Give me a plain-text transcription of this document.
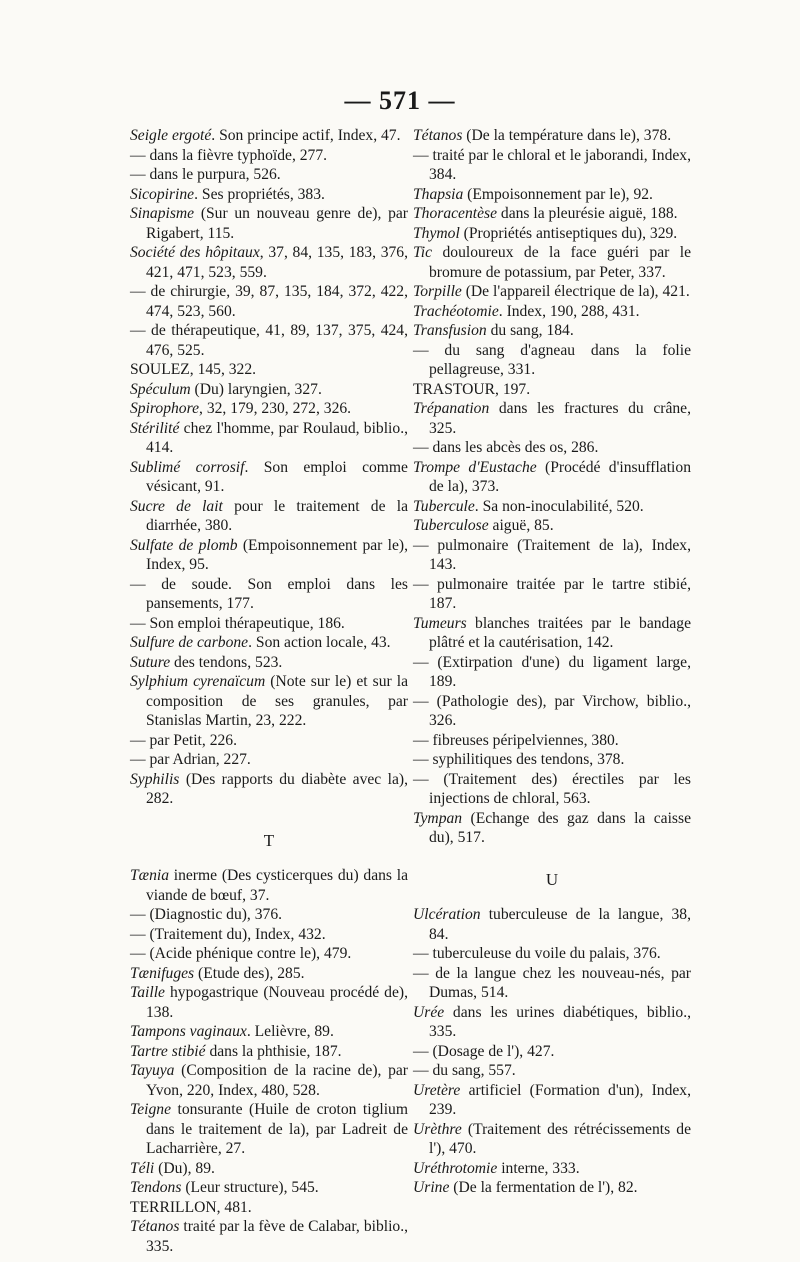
— 571 —

Seigle ergoté. Son principe actif, Index, 47.

— dans la fièvre typhoïde, 277.

— dans le purpura, 526.

Sicopirine. Ses propriétés, 383.

Sinapisme (Sur un nouveau genre de), par Rigabert, 115.

Société des hôpitaux, 37, 84, 135, 183, 376, 421, 471, 523, 559.

— de chirurgie, 39, 87, 135, 184, 372, 422, 474, 523, 560.

— de thérapeutique, 41, 89, 137, 375, 424, 476, 525.

SOULEZ, 145, 322.

Spéculum (Du) laryngien, 327.

Spirophore, 32, 179, 230, 272, 326.

Stérilité chez l'homme, par Roulaud, biblio., 414.

Sublimé corrosif. Son emploi comme vésicant, 91.

Sucre de lait pour le traitement de la diarrhée, 380.

Sulfate de plomb (Empoisonnement par le), Index, 95.

— de soude. Son emploi dans les pansements, 177.

— Son emploi thérapeutique, 186.

Sulfure de carbone. Son action locale, 43.

Suture des tendons, 523.

Sylphium cyrenaïcum (Note sur le) et sur la composition de ses granules, par Stanislas Martin, 23, 222.

— par Petit, 226.

— par Adrian, 227.

Syphilis (Des rapports du diabète avec la), 282.

T

Tænia inerme (Des cysticerques du) dans la viande de bœuf, 37.

— (Diagnostic du), 376.

— (Traitement du), Index, 432.

— (Acide phénique contre le), 479.

Tænifuges (Etude des), 285.

Taille hypogastrique (Nouveau procédé de), 138.

Tampons vaginaux. Lelièvre, 89.

Tartre stibié dans la phthisie, 187.

Tayuya (Composition de la racine de), par Yvon, 220, Index, 480, 528.

Teigne tonsurante (Huile de croton tiglium dans le traitement de la), par Ladreit de Lacharrière, 27.

Téli (Du), 89.

Tendons (Leur structure), 545.

TERRILLON, 481.

Tétanos traité par la fève de Calabar, biblio., 335.

Tétanos (De la température dans le), 378.

— traité par le chloral et le jaborandi, Index, 384.

Thapsia (Empoisonnement par le), 92.

Thoracentèse dans la pleurésie aiguë, 188.

Thymol (Propriétés antiseptiques du), 329.

Tic douloureux de la face guéri par le bromure de potassium, par Peter, 337.

Torpille (De l'appareil électrique de la), 421.

Trachéotomie. Index, 190, 288, 431.

Transfusion du sang, 184.

— du sang d'agneau dans la folie pellagreuse, 331.

TRASTOUR, 197.

Trépanation dans les fractures du crâne, 325.

— dans les abcès des os, 286.

Trompe d'Eustache (Procédé d'insufflation de la), 373.

Tubercule. Sa non-inoculabilité, 520.

Tuberculose aiguë, 85.

— pulmonaire (Traitement de la), Index, 143.

— pulmonaire traitée par le tartre stibié, 187.

Tumeurs blanches traitées par le bandage plâtré et la cautérisation, 142.

— (Extirpation d'une) du ligament large, 189.

— (Pathologie des), par Virchow, biblio., 326.

— fibreuses péripelviennes, 380.

— syphilitiques des tendons, 378.

— (Traitement des) érectiles par les injections de chloral, 563.

Tympan (Echange des gaz dans la caisse du), 517.

U

Ulcération tuberculeuse de la langue, 38, 84.

— tuberculeuse du voile du palais, 376.

— de la langue chez les nouveau-nés, par Dumas, 514.

Urée dans les urines diabétiques, biblio., 335.

— (Dosage de l'), 427.

— du sang, 557.

Uretère artificiel (Formation d'un), Index, 239.

Urèthre (Traitement des rétrécissements de l'), 470.

Uréthrotomie interne, 333.

Urine (De la fermentation de l'), 82.
